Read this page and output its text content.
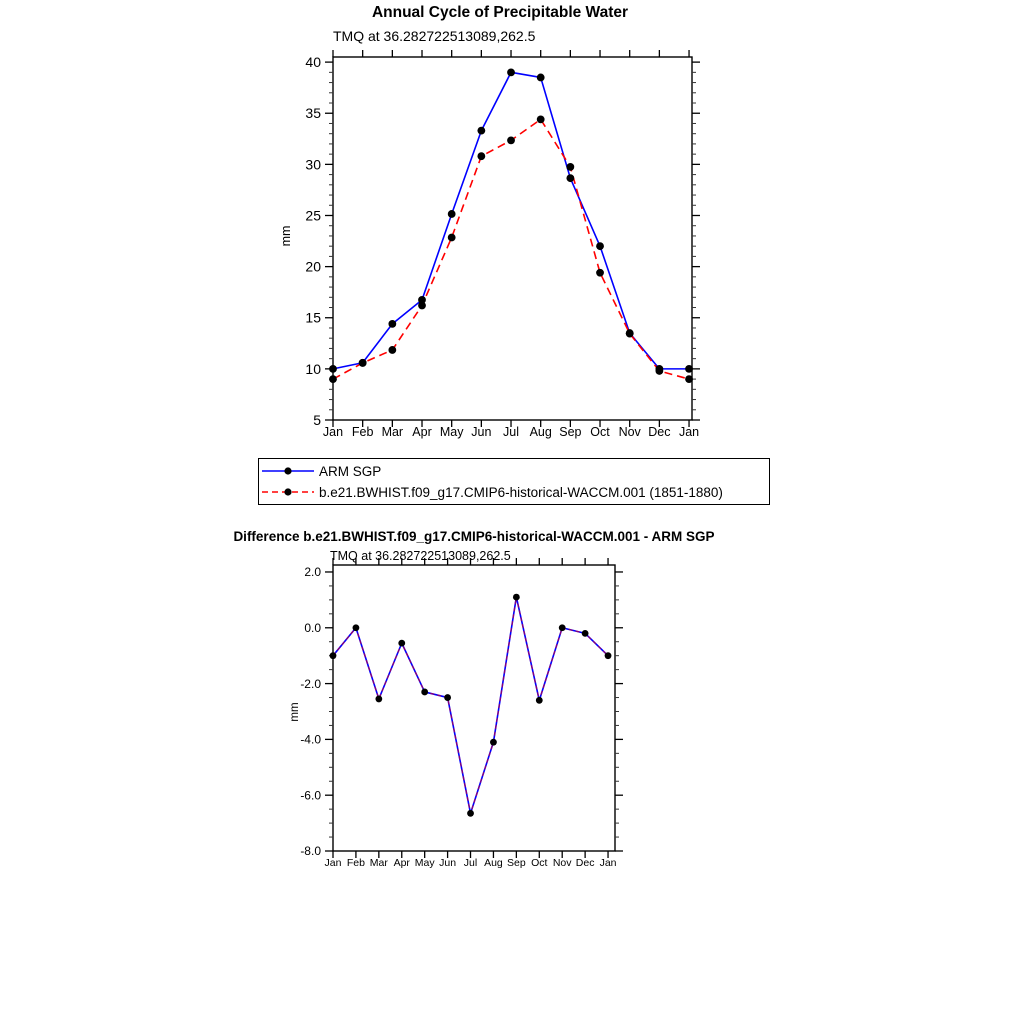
Annual Cycle of Precipitable Water
TMQ at 36.282722513089,262.5
mm
5
10
15
20
25
30
35
40
Jan Feb Mar Apr May Jun Jul Aug Sep Oct Nov Dec Jan
ARM SGP
b.e21.BWHIST.f09_g17.CMIP6-historical-WACCM.001 (1851-1880)
Difference b.e21.BWHIST.f09_g17.CMIP6-historical-WACCM.001 - ARM SGP
TMQ at 36.282722513089,262.5
mm
2.0
0.0
-2.0
-4.0
-6.0
-8.0
Jan Feb Mar Apr May Jun Jul Aug Sep Oct Nov Dec Jan
